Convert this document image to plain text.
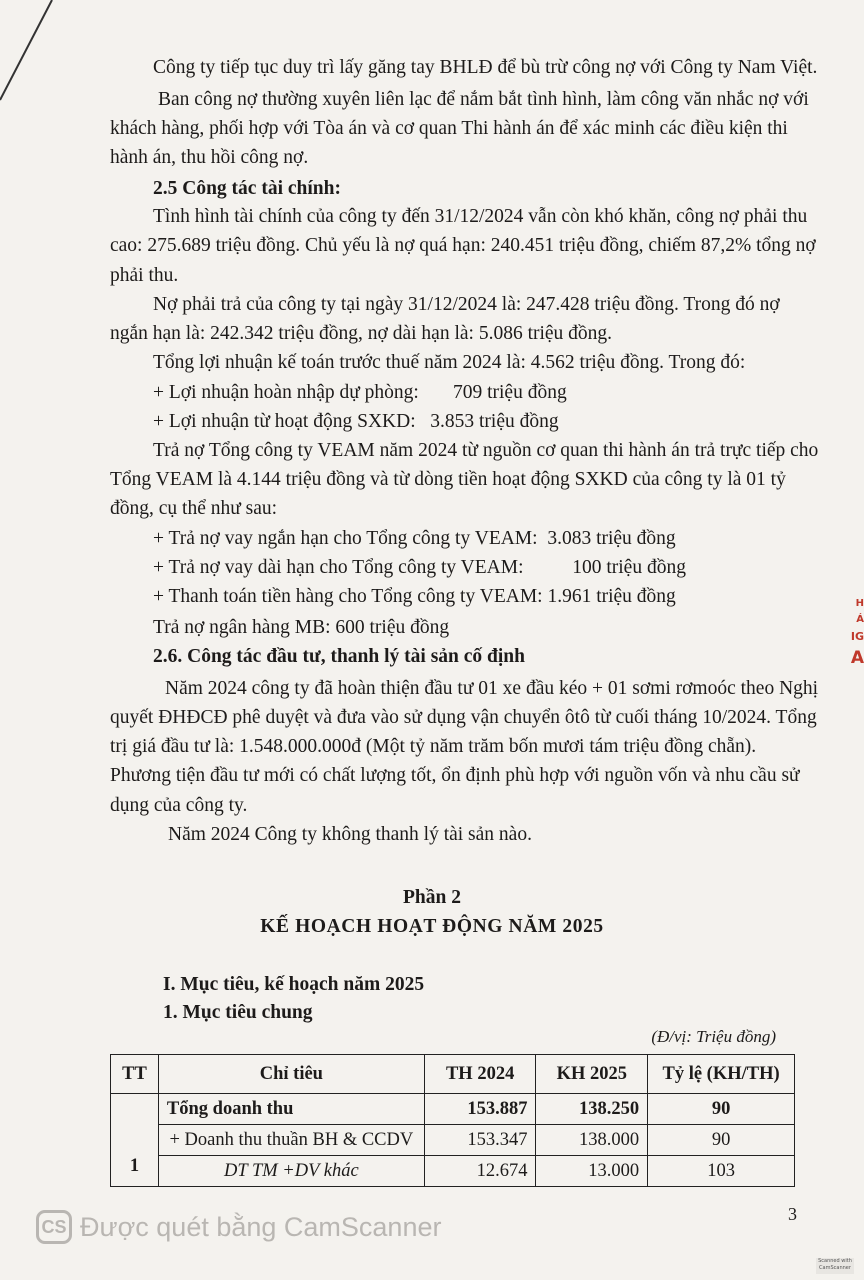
Công ty tiếp tục duy trì lấy găng tay BHLĐ để bù trừ công nợ với Công ty Nam Việt.
Ban công nợ thường xuyên liên lạc để nắm bắt tình hình, làm công văn nhắc nợ với
khách hàng, phối hợp với Tòa án và cơ quan Thi hành án để xác minh các điều kiện thi
hành án, thu hồi công nợ.
2.5 Công tác tài chính:
Tình hình tài chính của công ty đến 31/12/2024 vẫn còn khó khăn, công nợ phải thu
cao: 275.689 triệu đồng. Chủ yếu là nợ quá hạn: 240.451 triệu đồng, chiếm 87,2% tổng nợ
phải thu.
Nợ phải trả của công ty tại ngày 31/12/2024 là: 247.428 triệu đồng. Trong đó nợ
ngắn hạn là: 242.342 triệu đồng, nợ dài hạn là: 5.086 triệu đồng.
Tổng lợi nhuận kế toán trước thuế năm 2024 là: 4.562 triệu đồng. Trong đó:
+ Lợi nhuận hoàn nhập dự phòng:       709 triệu đồng
+ Lợi nhuận từ hoạt động SXKD:   3.853 triệu đồng
Trả nợ Tổng công ty VEAM năm 2024 từ nguồn cơ quan thi hành án trả trực tiếp cho
Tổng VEAM là 4.144 triệu đồng và từ dòng tiền hoạt động SXKD của công ty là 01 tỷ
đồng, cụ thể như sau:
+ Trả nợ vay ngắn hạn cho Tổng công ty VEAM:  3.083 triệu đồng
+ Trả nợ vay dài hạn cho Tổng công ty VEAM:          100 triệu đồng
+ Thanh toán tiền hàng cho Tổng công ty VEAM: 1.961 triệu đồng
Trả nợ ngân hàng MB: 600 triệu đồng
2.6. Công tác đầu tư, thanh lý tài sản cố định
Năm 2024 công ty đã hoàn thiện đầu tư 01 xe đầu kéo + 01 sơmi rơmoóc theo Nghị
quyết ĐHĐCĐ phê duyệt và đưa vào sử dụng vận chuyển ôtô từ cuối tháng 10/2024. Tổng
trị giá đầu tư là: 1.548.000.000đ (Một tỷ năm trăm bốn mươi tám triệu đồng chẵn).
Phương tiện đầu tư mới có chất lượng tốt, ổn định phù hợp với nguồn vốn và nhu cầu sử
dụng của công ty.
Năm 2024 Công ty không thanh lý tài sản nào.
Phần 2
KẾ HOẠCH HOẠT ĐỘNG NĂM 2025
I. Mục tiêu, kế hoạch năm 2025
1. Mục tiêu chung
(Đ/vị: Triệu đồng)
TT	Chỉ tiêu	TH 2024	KH 2025	Tỷ lệ (KH/TH)
1	Tổng doanh thu	153.887	138.250	90
	+ Doanh thu thuần BH & CCDV	153.347	138.000	90
	DT TM +DV khác	12.674	13.000	103
CS Được quét bằng CamScanner	3
Scanned with
CamScanner
H
Á
IG
A
